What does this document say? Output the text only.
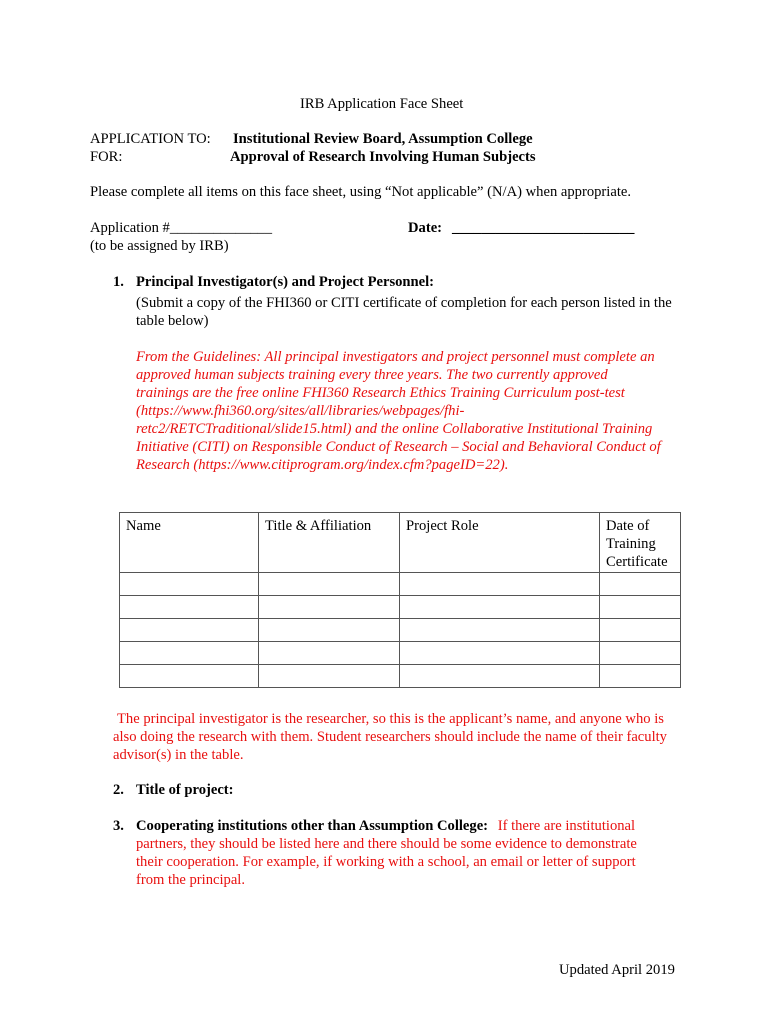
IRB Application Face Sheet
APPLICATION TO: Institutional Review Board, Assumption College
FOR:	Approval of Research Involving Human Subjects
Please complete all items on this face sheet, using “Not applicable” (N/A) when appropriate.
Application #______________
(to be assigned by IRB)
Date: _________________________
1. Principal Investigator(s) and Project Personnel:
(Submit a copy of the FHI360 or CITI certificate of completion for each person listed in the table below)
From the Guidelines: All principal investigators and project personnel must complete an
approved human subjects training every three years. The two currently approved
trainings are the free online FHI360 Research Ethics Training Curriculum post-test
(https://www.fhi360.org/sites/all/libraries/webpages/fhi-
retc2/RETCTraditional/slide15.html) and the online Collaborative Institutional Training
Initiative (CITI) on Responsible Conduct of Research – Social and Behavioral Conduct of
Research (https://www.citiprogram.org/index.cfm?pageID=22).
Name	Title & Affiliation	Project Role	Date of Training Certificate

The principal investigator is the researcher, so this is the applicant’s name, and anyone who is also doing the research with them. Student researchers should include the name of their faculty advisor(s) in the table.
2. Title of project:
3. Cooperating institutions other than Assumption College: If there are institutional partners, they should be listed here and there should be some evidence to demonstrate their cooperation. For example, if working with a school, an email or letter of support from the principal.
Updated April 2019
